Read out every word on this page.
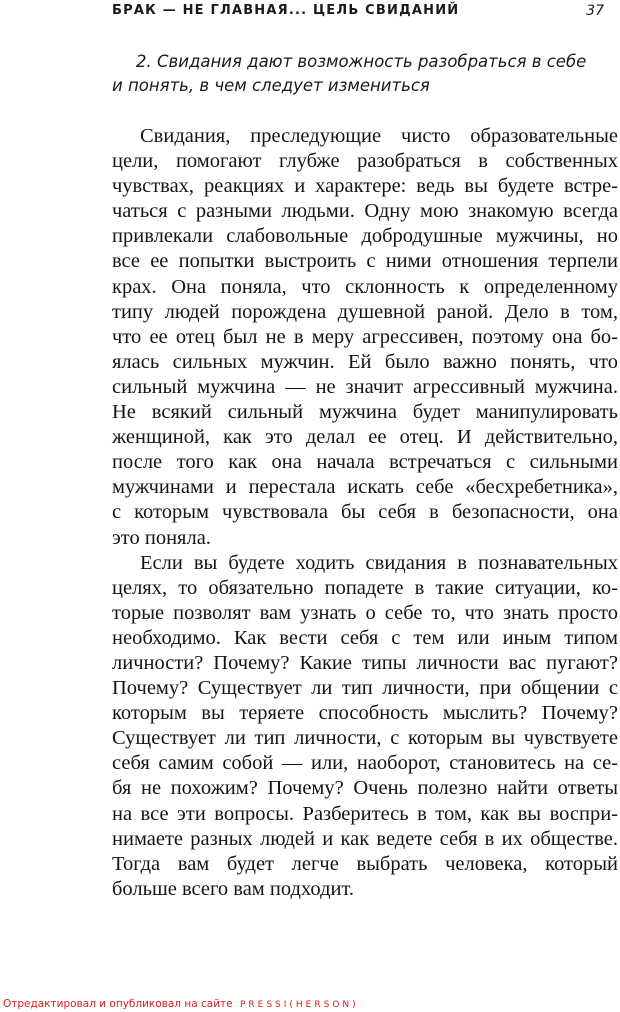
БРАК — НЕ ГЛАВНАЯ... ЦЕЛЬ СВИДАНИЙ	37
2. Свидания дают возможность разобраться в себе
и понять, в чем следует измениться
Свидания, преследующие чисто образовательные
цели, помогают глубже разобраться в собственных
чувствах, реакциях и характере: ведь вы будете встре-
чаться с разными людьми. Одну мою знакомую всегда
привлекали слабовольные добродушные мужчины, но
все ее попытки выстроить с ними отношения терпели
крах. Она поняла, что склонность к определенному
типу людей порождена душевной раной. Дело в том,
что ее отец был не в меру агрессивен, поэтому она бо-
ялась сильных мужчин. Ей было важно понять, что
сильный мужчина — не значит агрессивный мужчина.
Не всякий сильный мужчина будет манипулировать
женщиной, как это делал ее отец. И действительно,
после того как она начала встречаться с сильными
мужчинами и перестала искать себе «бесхребетника»,
с которым чувствовала бы себя в безопасности, она
это поняла.
Если вы будете ходить свидания в познавательных
целях, то обязательно попадете в такие ситуации, ко-
торые позволят вам узнать о себе то, что знать просто
необходимо. Как вести себя с тем или иным типом
личности? Почему? Какие типы личности вас пугают?
Почему? Существует ли тип личности, при общении с
которым вы теряете способность мыслить? Почему?
Существует ли тип личности, с которым вы чувствуете
себя самим собой — или, наоборот, становитесь на се-
бя не похожим? Почему? Очень полезно найти ответы
на все эти вопросы. Разберитесь в том, как вы воспри-
нимаете разных людей и как ведете себя в их обществе.
Тогда вам будет легче выбрать человека, который
больше всего вам подходит.
Отредактировал и опубликовал на сайте PRESSI(HERSON)
